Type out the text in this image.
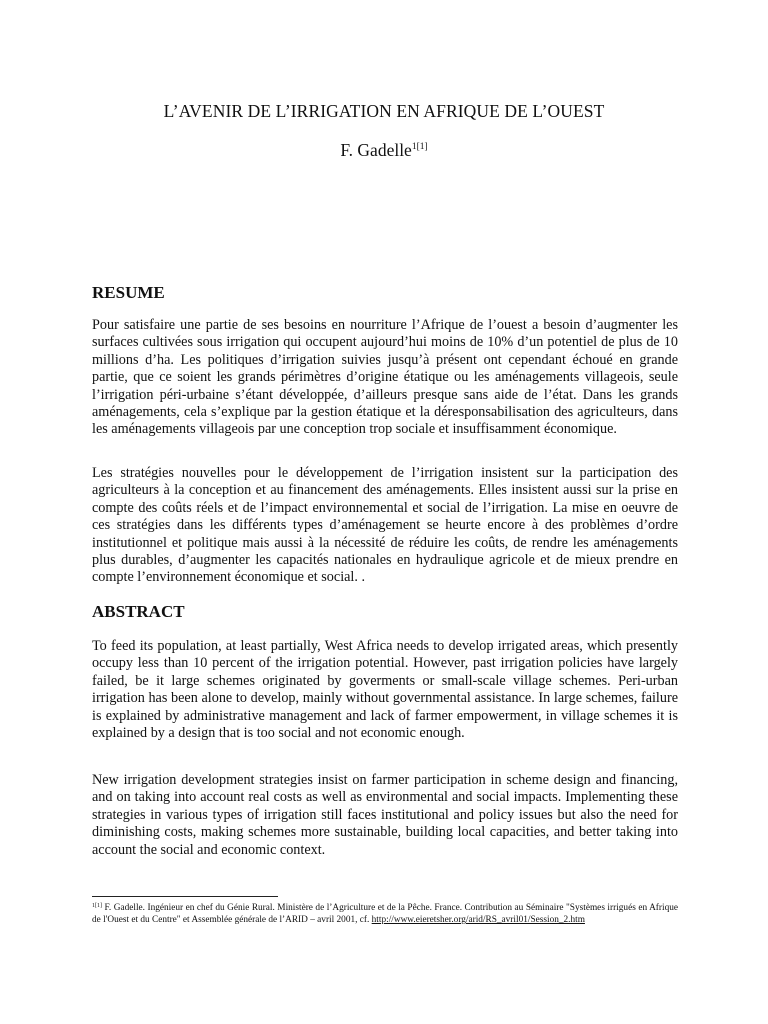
L’AVENIR DE L’IRRIGATION EN AFRIQUE DE L’OUEST
F. Gadelle$^{1[1]}$
RESUME

Pour satisfaire une partie de ses besoins en nourriture l’Afrique de l’ouest a besoin d’augmenter les surfaces cultivées sous irrigation qui occupent aujourd’hui moins de 10% d’un potentiel de plus de 10 millions d’ha. Les politiques d’irrigation suivies jusqu’à présent ont cependant échoué en grande partie, que ce soient les grands périmètres d’origine étatique ou les aménagements villageois, seule l’irrigation péri-urbaine s’étant développée, d’ailleurs presque sans aide de l’état. Dans les grands aménagements, cela s’explique par la gestion étatique et la déresponsabilisation des agriculteurs, dans les aménagements villageois par une conception trop sociale et insuffisamment économique.

Les stratégies nouvelles pour le développement de l’irrigation insistent sur la participation des agriculteurs à la conception et au financement des aménagements. Elles insistent aussi sur la prise en compte des coûts réels et de l’impact environnemental et social de l’irrigation. La mise en oeuvre de ces stratégies dans les différents types d’aménagement se heurte encore à des problèmes d’ordre institutionnel et politique mais aussi à la nécessité de réduire les coûts, de rendre les aménagements plus durables, d’augmenter les capacités nationales en hydraulique agricole et de mieux prendre en compte l’environnement économique et social. .

ABSTRACT

To feed its population, at least partially, West Africa needs to develop irrigated areas, which presently occupy less than 10 percent of the irrigation potential. However, past irrigation policies have largely failed, be it large schemes originated by goverments or small-scale village schemes. Peri-urban irrigation has been alone to develop, mainly without governmental assistance. In large schemes, failure is explained by administrative management and lack of farmer empowerment, in village schemes it is explained by a design that is too social and not economic enough.

New irrigation development strategies insist on farmer participation in scheme design and financing, and on taking into account real costs as well as environmental and social impacts. Implementing these strategies in various types of irrigation still faces institutional and policy issues but also the need for diminishing costs, making schemes more sustainable, building local capacities, and better taking into account the social and economic context.

$^{1[1]}$ F. Gadelle. Ingénieur en chef du Génie Rural. Ministère de l’Agriculture et de la Pêche. France. Contribution au Séminaire "Systèmes irrigués en Afrique de l'Ouest et du Centre" et Assemblée générale de l’ARID – avril 2001, cf. http://www.eieretsher.org/arid/RS_avril01/Session_2.htm
